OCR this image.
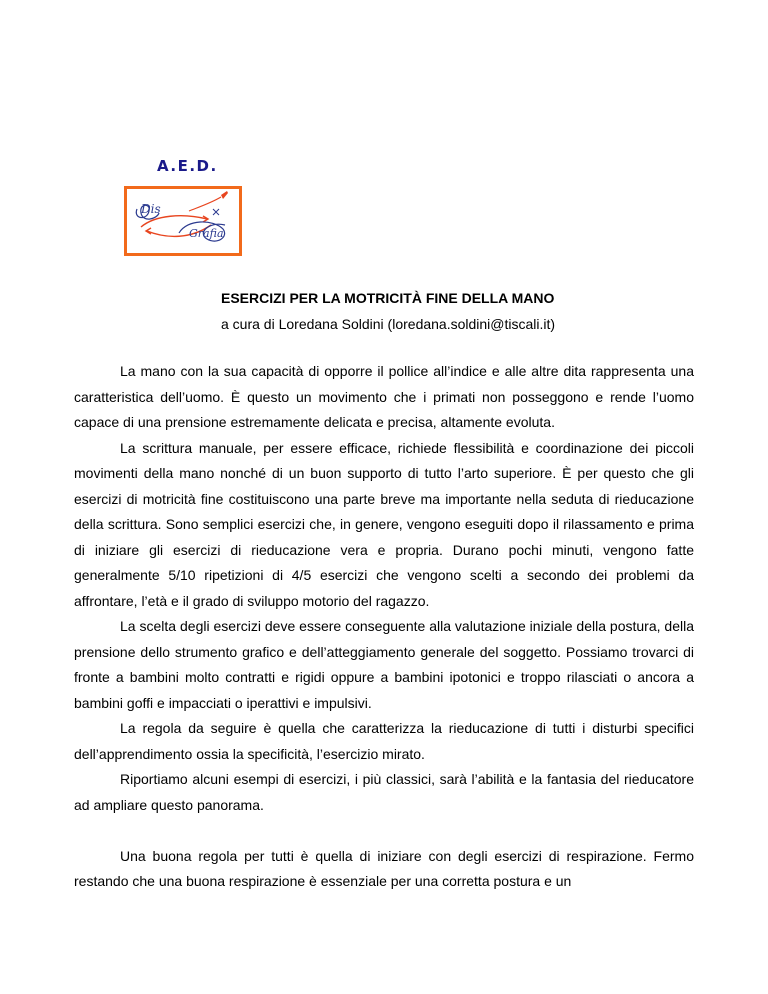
A.E.D.
Dis
Grafia
ESERCIZI PER LA MOTRICITÀ FINE DELLA MANO
a cura di Loredana Soldini (loredana.soldini@tiscali.it)

La mano con la sua capacità di opporre il pollice all’indice e alle altre dita rappresenta una caratteristica dell’uomo. È questo un movimento che i primati non posseggono e rende l’uomo capace di una prensione estremamente delicata e precisa, altamente evoluta.

La scrittura manuale, per essere efficace, richiede flessibilità e coordinazione dei piccoli movimenti della mano nonché di un buon supporto di tutto l’arto superiore. È per questo che gli esercizi di motricità fine costituiscono una parte breve ma importante nella seduta di rieducazione della scrittura. Sono semplici esercizi che, in genere, vengono eseguiti dopo il rilassamento e prima di iniziare gli esercizi di rieducazione vera e propria. Durano pochi minuti, vengono fatte generalmente 5/10 ripetizioni di 4/5 esercizi che vengono scelti a secondo dei problemi da affrontare, l’età e il grado di sviluppo motorio del ragazzo.

La scelta degli esercizi deve essere conseguente alla valutazione iniziale della postura, della prensione dello strumento grafico e dell’atteggiamento generale del soggetto. Possiamo trovarci di fronte a bambini molto contratti e rigidi oppure a bambini ipotonici e troppo rilasciati o ancora a bambini goffi e impacciati o iperattivi e impulsivi.

La regola da seguire è quella che caratterizza la rieducazione di tutti i disturbi specifici dell’apprendimento ossia la specificità, l’esercizio mirato.

Riportiamo alcuni esempi di esercizi, i più classici, sarà l’abilità e la fantasia del rieducatore ad ampliare questo panorama.

Una buona regola per tutti è quella di iniziare con degli esercizi di respirazione. Fermo restando che una buona respirazione è essenziale per una corretta postura e un
